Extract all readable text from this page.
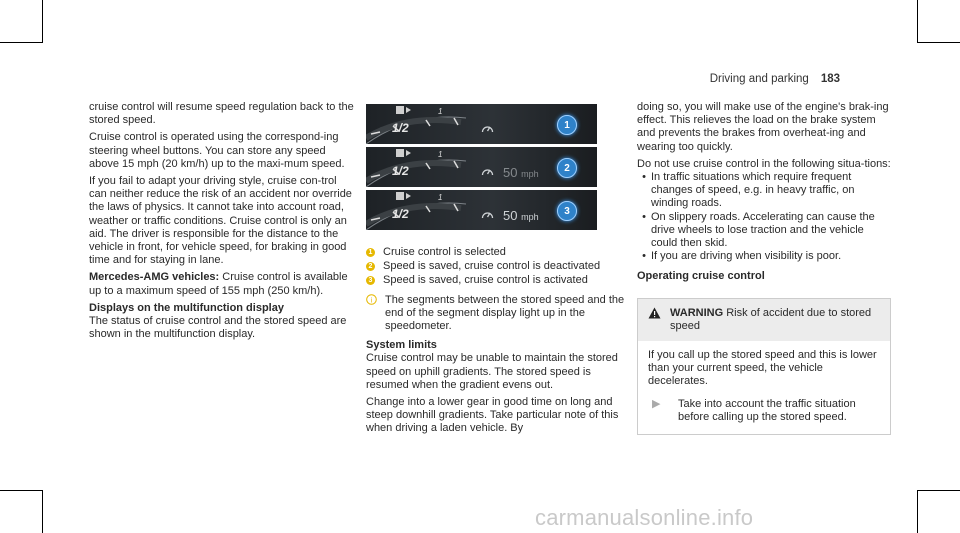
Driving and parking 183

cruise control will resume speed regulation back to the stored speed.

Cruise control is operated using the correspond-ing steering wheel buttons. You can store any speed above 15 mph (20 km/h) up to the maxi-mum speed.

If you fail to adapt your driving style, cruise con-trol can neither reduce the risk of an accident nor override the laws of physics. It cannot take into account road, weather or traffic conditions. Cruise control is only an aid. The driver is responsible for the distance to the vehicle in front, for vehicle speed, for braking in good time and for staying in lane.

Mercedes-AMG vehicles: Cruise control is available up to a maximum speed of 155 mph (250 km/h).

Displays on the multifunction display

The status of cruise control and the stored speed are shown in the multifunction display.

1
1/2	1
1
1/2	50 mph
2
1
1/2	50 mph
3
1 Cruise control is selected
2 Speed is saved, cruise control is deactivated
3 Speed is saved, cruise control is activated
i The segments between the stored speed and the end of the segment display light up in the speedometer.

System limits

Cruise control may be unable to maintain the stored speed on uphill gradients. The stored speed is resumed when the gradient evens out.

Change into a lower gear in good time on long and steep downhill gradients. Take particular note of this when driving a laden vehicle. By

doing so, you will make use of the engine's brak-ing effect. This relieves the load on the brake system and prevents the brakes from overheat-ing and wearing too quickly.

Do not use cruise control in the following situa-tions:

• In traffic situations which require frequent changes of speed, e.g. in heavy traffic, on winding roads.
• On slippery roads. Accelerating can cause the drive wheels to lose traction and the vehicle could then skid.
• If you are driving when visibility is poor.

Operating cruise control

WARNING Risk of accident due to stored speed

If you call up the stored speed and this is lower than your current speed, the vehicle decelerates.

▶	Take into account the traffic situation before calling up the stored speed.
carmanualsonline.info
